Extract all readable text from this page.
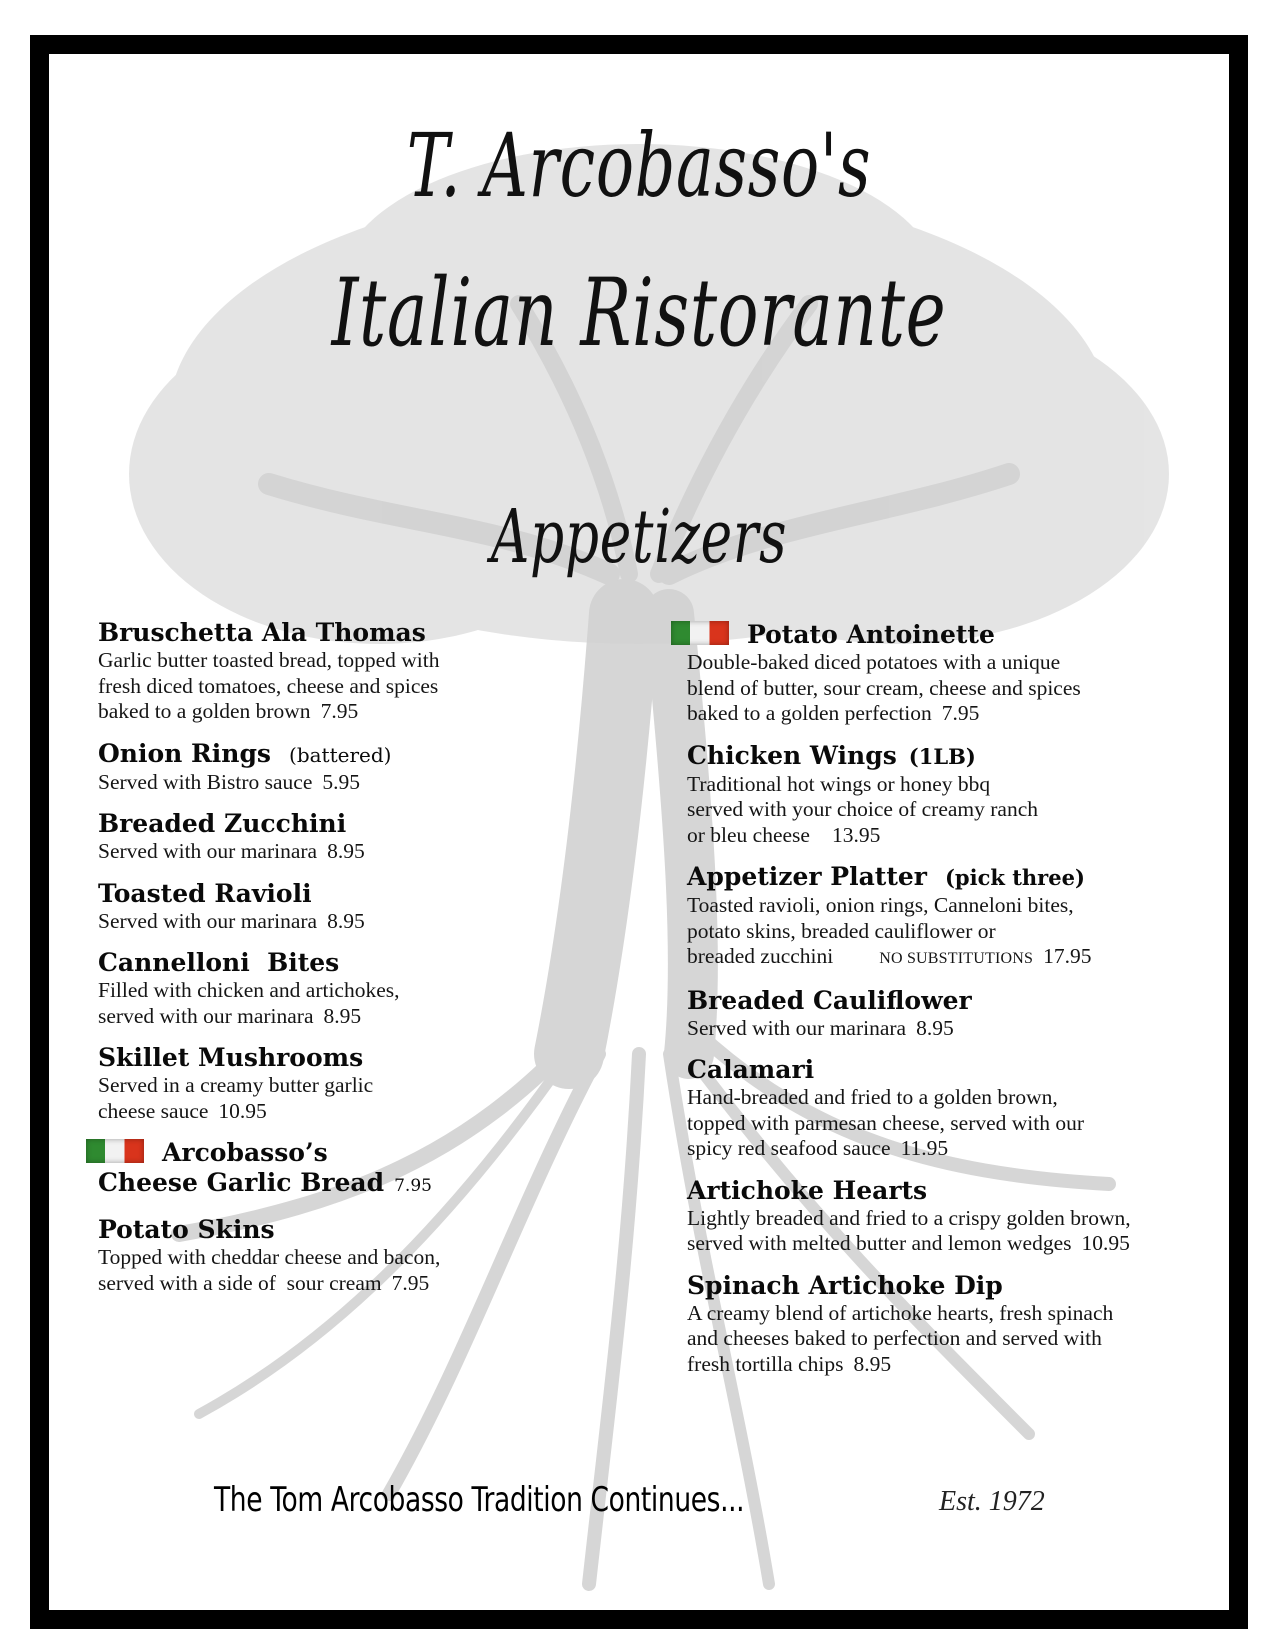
T. Arcobasso's
Italian Ristorante
Appetizers
Bruschetta Ala Thomas
Garlic butter toasted bread, topped with
fresh diced tomatoes, cheese and spices
baked to a golden brown 7.95
Onion Rings (battered)
Served with Bistro sauce 5.95
Breaded Zucchini
Served with our marinara 8.95
Toasted Ravioli
Served with our marinara 8.95
Cannelloni  Bites
Filled with chicken and artichokes,
served with our marinara 8.95
Skillet Mushrooms
Served in a creamy butter garlic
cheese sauce 10.95
Arcobasso’s
Cheese Garlic Bread 7.95
Potato Skins
Topped with cheddar cheese and bacon,
served with a side of  sour cream 7.95
Potato Antoinette
Double-baked diced potatoes with a unique
blend of butter, sour cream, cheese and spices
baked to a golden perfection 7.95
Chicken Wings (1LB)
Traditional hot wings or honey bbq
served with your choice of creamy ranch
or bleu cheese 13.95
Appetizer Platter (pick three)
Toasted ravioli, onion rings, Canneloni bites,
potato skins, breaded cauliflower or
breaded zucchini	NO SUBSTITUTIONS 17.95
Breaded Cauliflower
Served with our marinara 8.95
Calamari
Hand-breaded and fried to a golden brown,
topped with parmesan cheese, served with our
spicy red seafood sauce 11.95
Artichoke Hearts
Lightly breaded and fried to a crispy golden brown,
served with melted butter and lemon wedges 10.95
Spinach Artichoke Dip
A creamy blend of artichoke hearts, fresh spinach
and cheeses baked to perfection and served with
fresh tortilla chips 8.95
The Tom Arcobasso Tradition Continues...	Est. 1972
